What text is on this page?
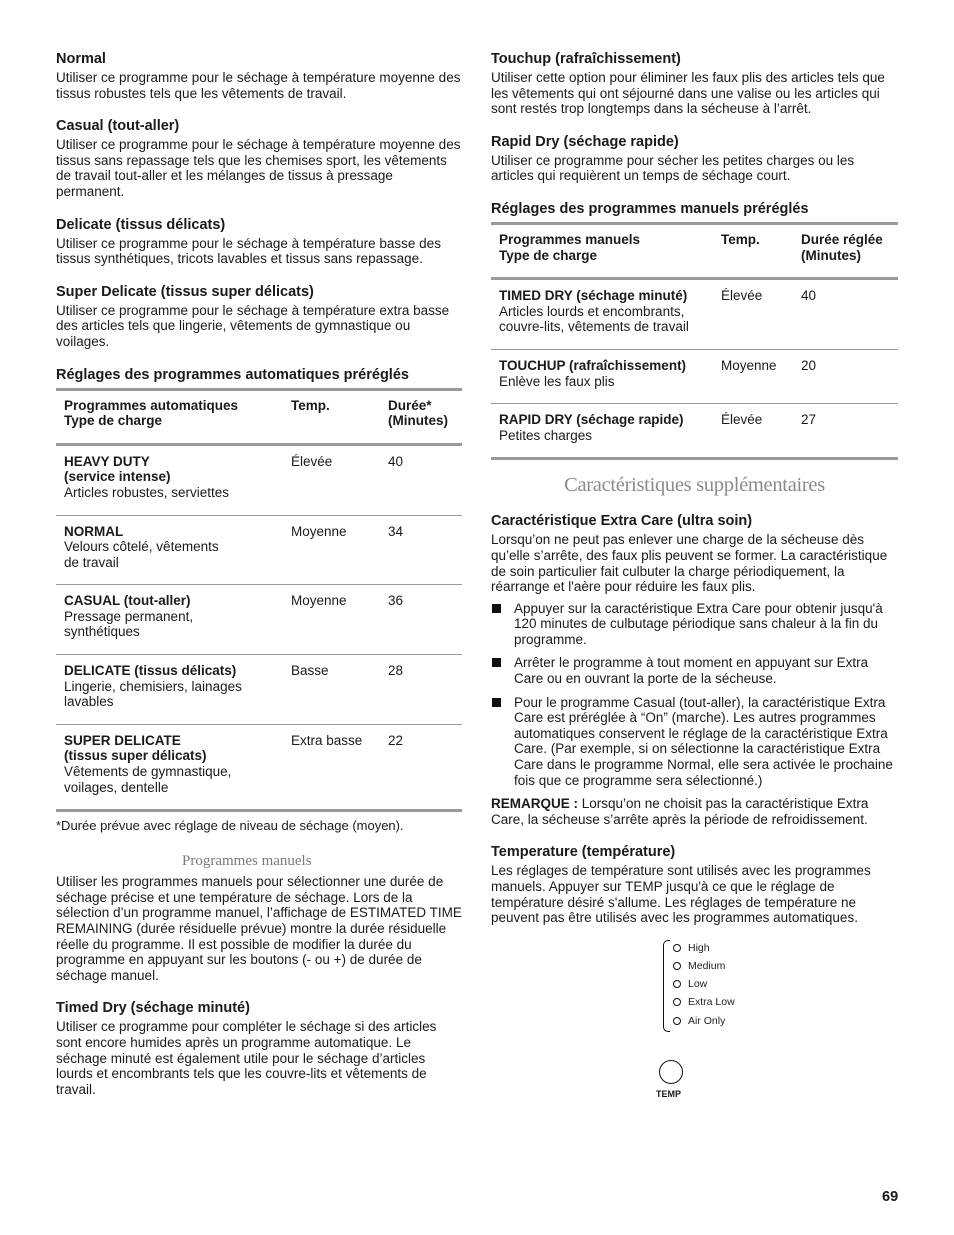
Normal
Utiliser ce programme pour le séchage à température moyenne des tissus robustes tels que les vêtements de travail.
Casual (tout-aller)
Utiliser ce programme pour le séchage à température moyenne des tissus sans repassage tels que les chemises sport, les vêtements de travail tout-aller et les mélanges de tissus à pressage permanent.
Delicate (tissus délicats)
Utiliser ce programme pour le séchage à température basse des tissus synthétiques, tricots lavables et tissus sans repassage.
Super Delicate (tissus super délicats)
Utiliser ce programme pour le séchage à température extra basse des articles tels que lingerie, vêtements de gymnastique ou voilages.
Réglages des programmes automatiques préréglés
Programmes automatiques
Type de charge	Temp.	Durée*
(Minutes)

HEAVY DUTY
(service intense)
Articles robustes, serviettes	Élevée	40

NORMAL
Velours côtelé, vêtements
de travail	Moyenne	34

CASUAL (tout-aller)
Pressage permanent,
synthétiques	Moyenne	36

DELICATE (tissus délicats)
Lingerie, chemisiers, lainages
lavables	Basse	28

SUPER DELICATE
(tissus super délicats)
Vêtements de gymnastique,
voilages, dentelle	Extra basse	22
*Durée prévue avec réglage de niveau de séchage (moyen).
Programmes manuels
Utiliser les programmes manuels pour sélectionner une durée de séchage précise et une température de séchage. Lors de la sélection d’un programme manuel, l’affichage de ESTIMATED TIME REMAINING (durée résiduelle prévue) montre la durée résiduelle réelle du programme. Il est possible de modifier la durée du programme en appuyant sur les boutons (- ou +) de durée de séchage manuel.
Timed Dry (séchage minuté)
Utiliser ce programme pour compléter le séchage si des articles sont encore humides après un programme automatique. Le séchage minuté est également utile pour le séchage d’articles lourds et encombrants tels que les couvre-lits et vêtements de travail.
Touchup (rafraîchissement)
Utiliser cette option pour éliminer les faux plis des articles tels que les vêtements qui ont séjourné dans une valise ou les articles qui sont restés trop longtemps dans la sécheuse à l’arrêt.
Rapid Dry (séchage rapide)
Utiliser ce programme pour sécher les petites charges ou les articles qui requièrent un temps de séchage court.
Réglages des programmes manuels préréglés
Programmes manuels
Type de charge	Temp.	Durée réglée
(Minutes)

TIMED DRY (séchage minuté)
Articles lourds et encombrants,
couvre-lits, vêtements de travail	Élevée	40

TOUCHUP (rafraîchissement)
Enlève les faux plis	Moyenne	20

RAPID DRY (séchage rapide)
Petites charges	Élevée	27
Caractéristiques supplémentaires
Caractéristique Extra Care (ultra soin)
Lorsqu’on ne peut pas enlever une charge de la sécheuse dès qu’elle s’arrête, des faux plis peuvent se former. La caractéristique de soin particulier fait culbuter la charge périodiquement, la réarrange et l'aère pour réduire les faux plis.
Appuyer sur la caractéristique Extra Care pour obtenir jusqu'à 120 minutes de culbutage périodique sans chaleur à la fin du programme.
Arrêter le programme à tout moment en appuyant sur Extra Care ou en ouvrant la porte de la sécheuse.
Pour le programme Casual (tout-aller), la caractéristique Extra Care est préréglée à “On” (marche). Les autres programmes automatiques conservent le réglage de la caractéristique Extra Care. (Par exemple, si on sélectionne la caractéristique Extra Care dans le programme Normal, elle sera activée le prochaine fois que ce programme sera sélectionné.)
REMARQUE : Lorsqu’on ne choisit pas la caractéristique Extra Care, la sécheuse s’arrête après la période de refroidissement.
Temperature (température)
Les réglages de température sont utilisés avec les programmes manuels. Appuyer sur TEMP jusqu'à ce que le réglage de température désiré s'allume. Les réglages de température ne peuvent pas être utilisés avec les programmes automatiques.
High
Medium
Low
Extra Low
Air Only
TEMP
69
